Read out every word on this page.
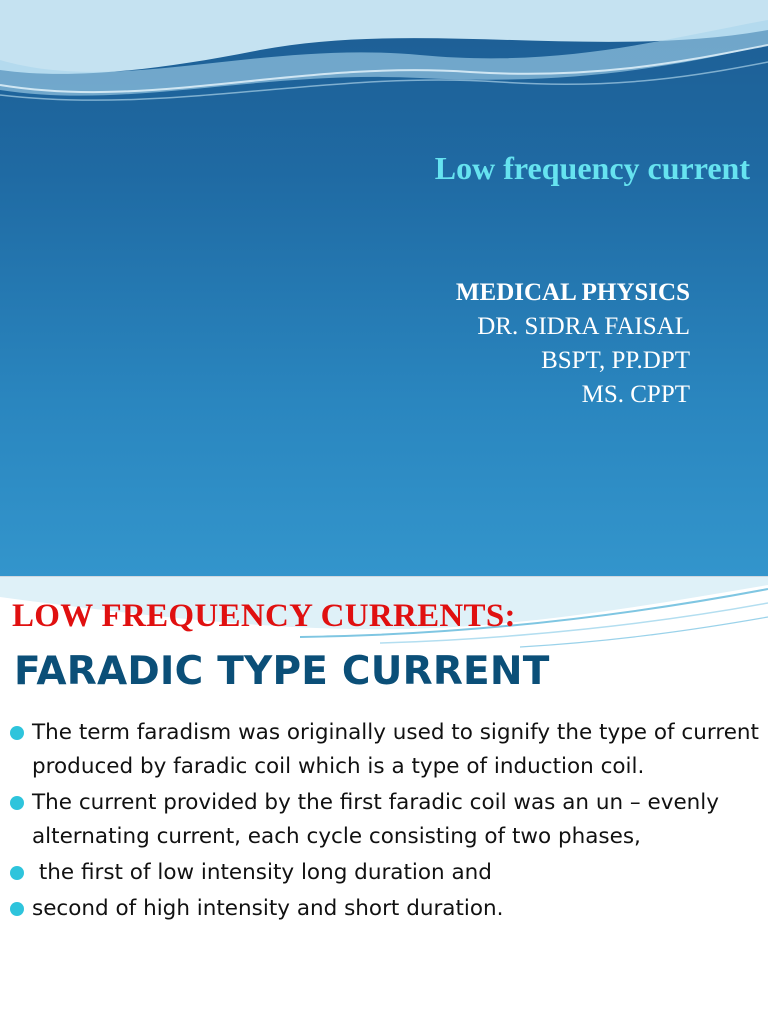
Low frequency current
MEDICAL PHYSICS
DR. SIDRA FAISAL
BSPT, PP.DPT
MS. CPPT
LOW FREQUENCY CURRENTS:
FARADIC TYPE CURRENT
The term faradism was originally used to signify the type of current produced by faradic coil which is a type of induction coil.
The current provided by the first faradic coil was an un – evenly alternating current, each cycle consisting of two phases,
the first of low intensity long duration and
second of high intensity and short duration.
